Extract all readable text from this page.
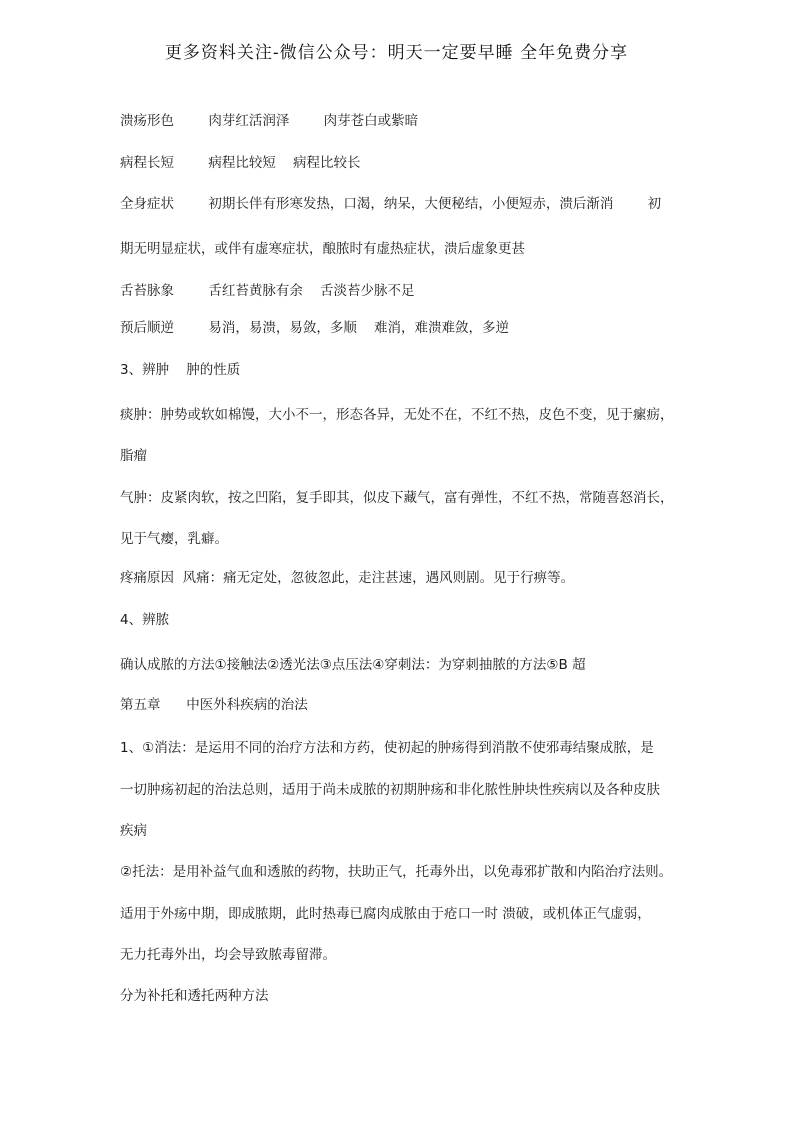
更多资料关注-微信公众号：明天一定要早睡 全年免费分享
溃疡形色        肉芽红活润泽        肉芽苍白或紫暗
病程长短        病程比较短    病程比较长
全身症状        初期长伴有形寒发热，口渴，纳呆，大便秘结，小便短赤，溃后渐消        初
期无明显症状，或伴有虚寒症状，酿脓时有虚热症状，溃后虚象更甚
舌苔脉象        舌红苔黄脉有余    舌淡苔少脉不足
预后顺逆        易消，易溃，易敛，多顺    难消，难溃难敛，多逆
3、辨肿    肿的性质
痰肿：肿势或软如棉馒，大小不一，形态各异，无处不在，不红不热，皮色不变，见于瘰疬，
脂瘤
气肿：皮紧肉软，按之凹陷，复手即其，似皮下藏气，富有弹性，不红不热，常随喜怒消长，
见于气瘿，乳癖。
疼痛原因  风痛：痛无定处，忽彼忽此，走注甚速，遇风则剧。见于行痹等。
4、辨脓
确认成脓的方法①接触法②透光法③点压法④穿刺法：为穿刺抽脓的方法⑤B 超
第五章      中医外科疾病的治法
1、①消法：是运用不同的治疗方法和方药，使初起的肿疡得到消散不使邪毒结聚成脓，是
一切肿疡初起的治法总则，适用于尚未成脓的初期肿疡和非化脓性肿块性疾病以及各种皮肤
疾病
②托法：是用补益气血和透脓的药物，扶助正气，托毒外出，以免毒邪扩散和内陷治疗法则。
适用于外疡中期，即成脓期，此时热毒已腐肉成脓由于疮口一时 溃破，或机体正气虚弱，
无力托毒外出，均会导致脓毒留滞。
分为补托和透托两种方法
